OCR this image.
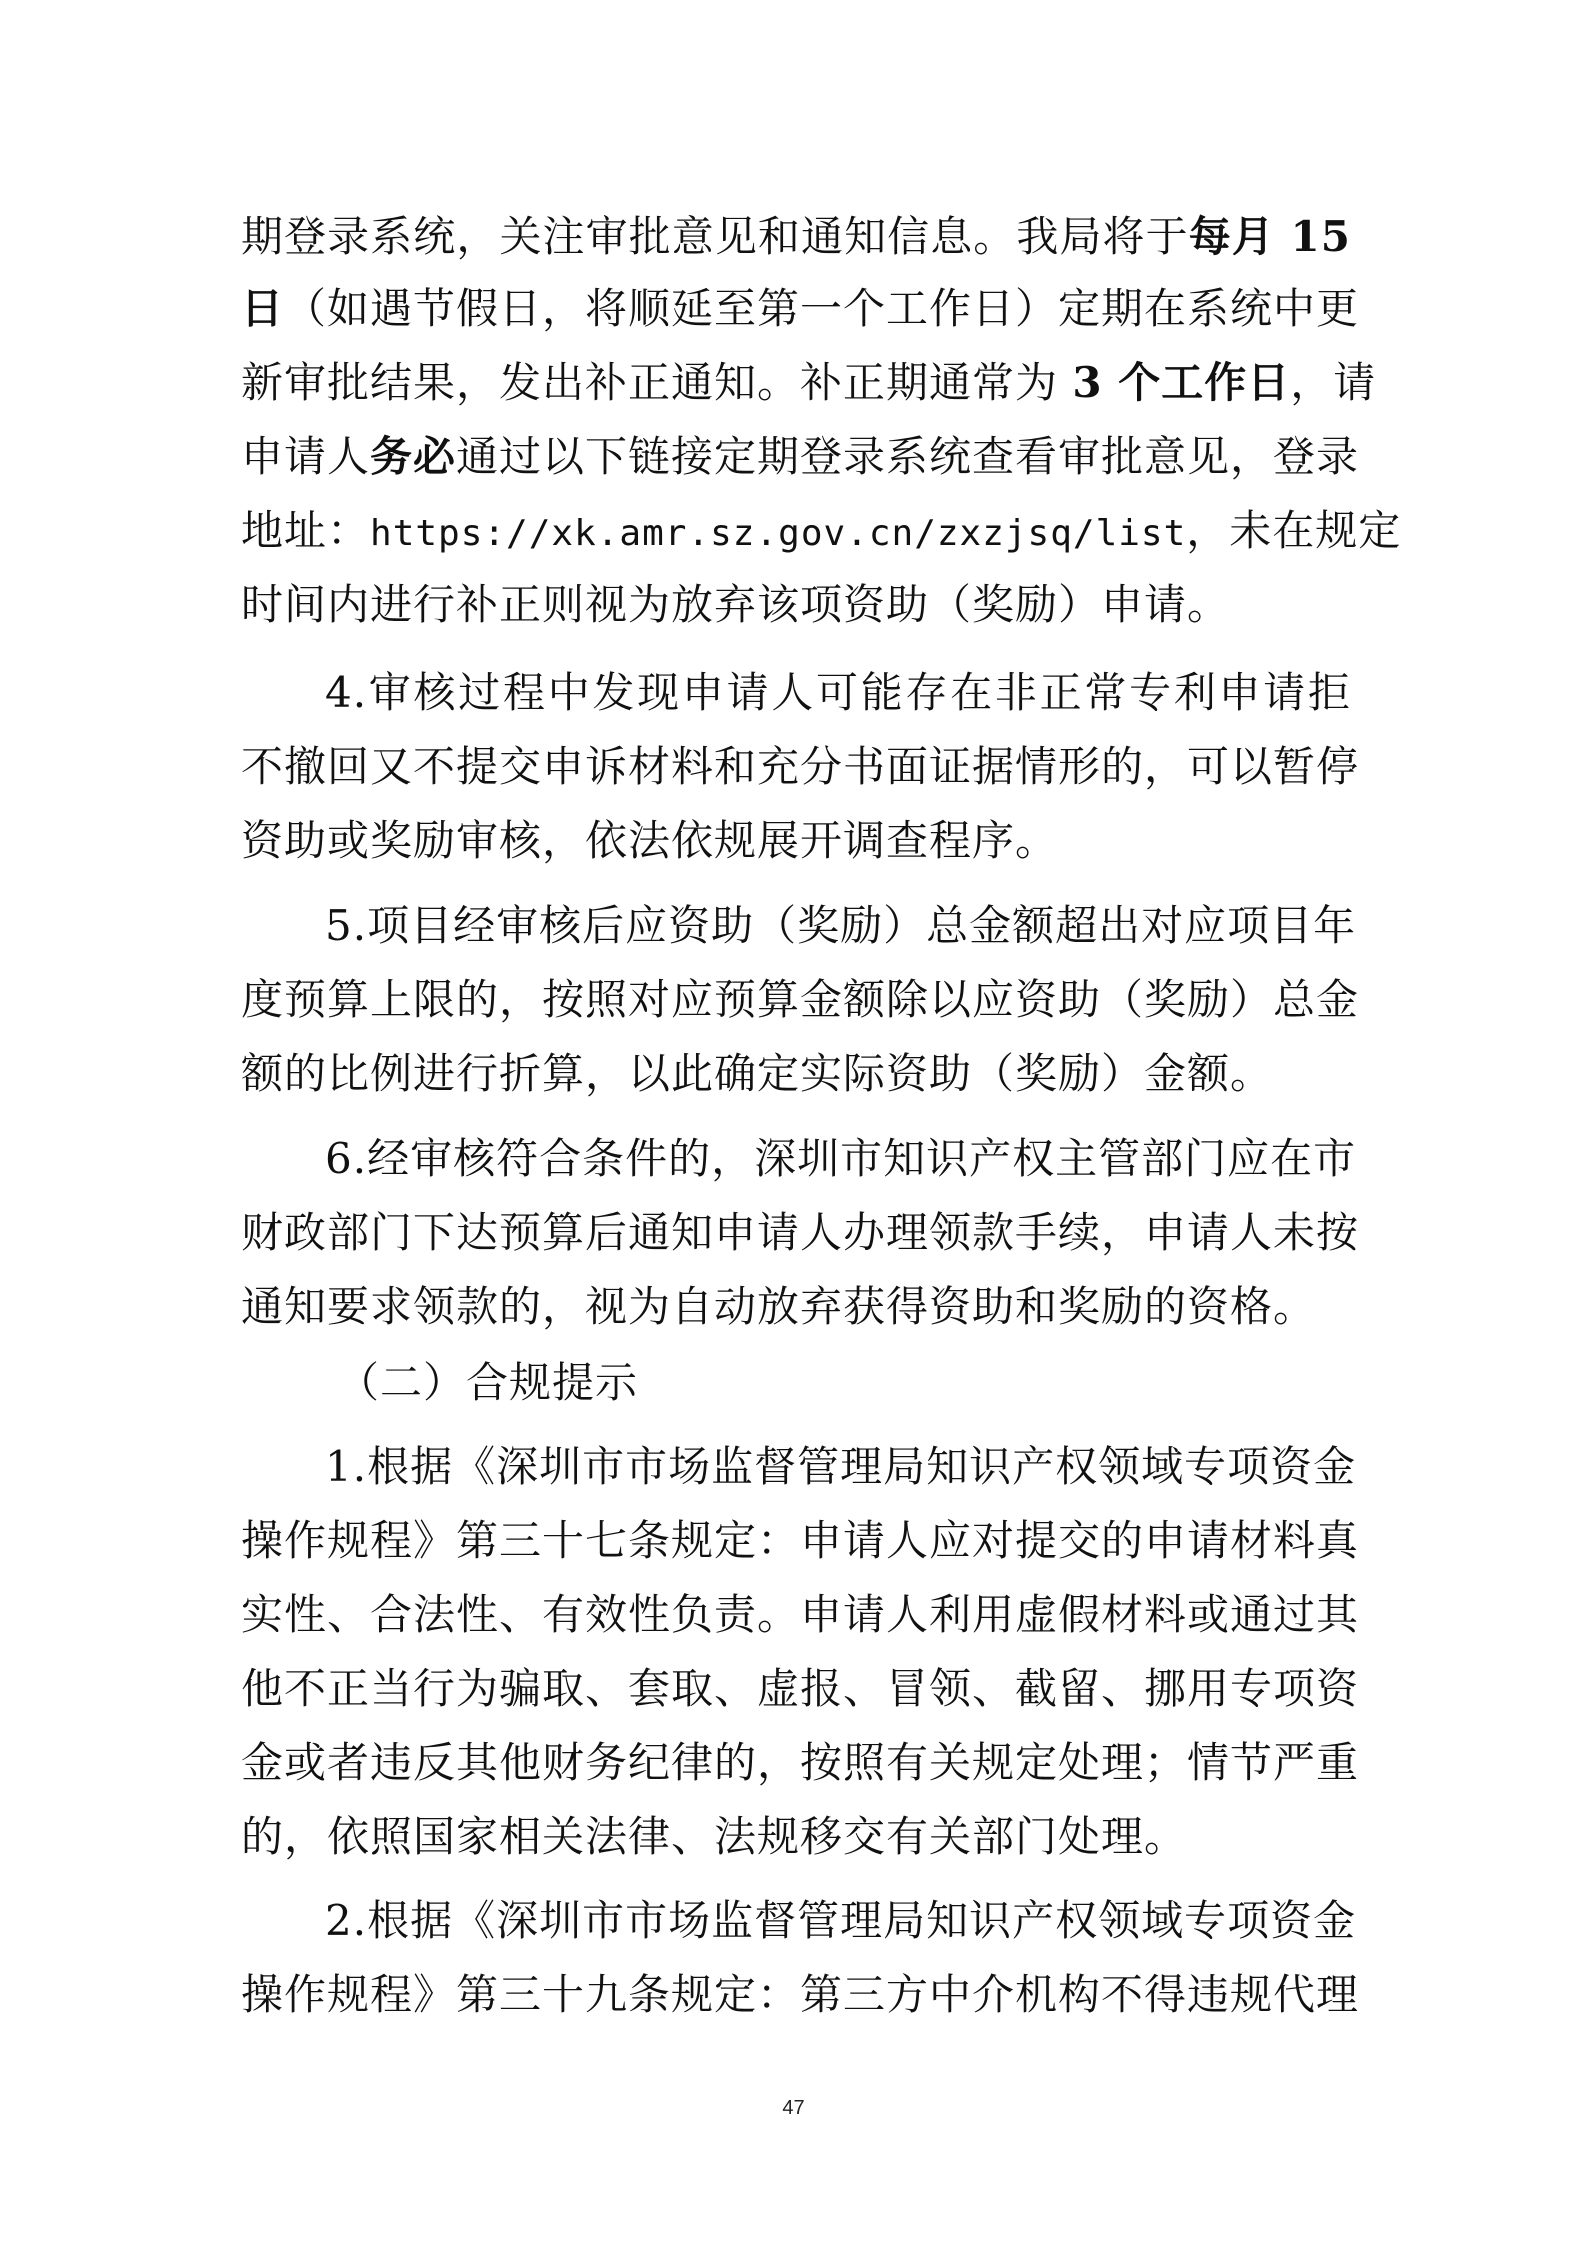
期登录系统，关注审批意见和通知信息。我局将于每月 15
日（如遇节假日，将顺延至第一个工作日）定期在系统中更
新审批结果，发出补正通知。补正期通常为 3 个工作日，请
申请人务必通过以下链接定期登录系统查看审批意见，登录
地址：https://xk.amr.sz.gov.cn/zxzjsq/list，未在规定
时间内进行补正则视为放弃该项资助（奖励）申请。
4.审核过程中发现申请人可能存在非正常专利申请拒
不撤回又不提交申诉材料和充分书面证据情形的，可以暂停
资助或奖励审核，依法依规展开调查程序。
5.项目经审核后应资助（奖励）总金额超出对应项目年
度预算上限的，按照对应预算金额除以应资助（奖励）总金
额的比例进行折算，以此确定实际资助（奖励）金额。
6.经审核符合条件的，深圳市知识产权主管部门应在市
财政部门下达预算后通知申请人办理领款手续，申请人未按
通知要求领款的，视为自动放弃获得资助和奖励的资格。
（二）合规提示
1.根据《深圳市市场监督管理局知识产权领域专项资金
操作规程》第三十七条规定：申请人应对提交的申请材料真
实性、合法性、有效性负责。申请人利用虚假材料或通过其
他不正当行为骗取、套取、虚报、冒领、截留、挪用专项资
金或者违反其他财务纪律的，按照有关规定处理；情节严重
的，依照国家相关法律、法规移交有关部门处理。
2.根据《深圳市市场监督管理局知识产权领域专项资金
操作规程》第三十九条规定：第三方中介机构不得违规代理
47
